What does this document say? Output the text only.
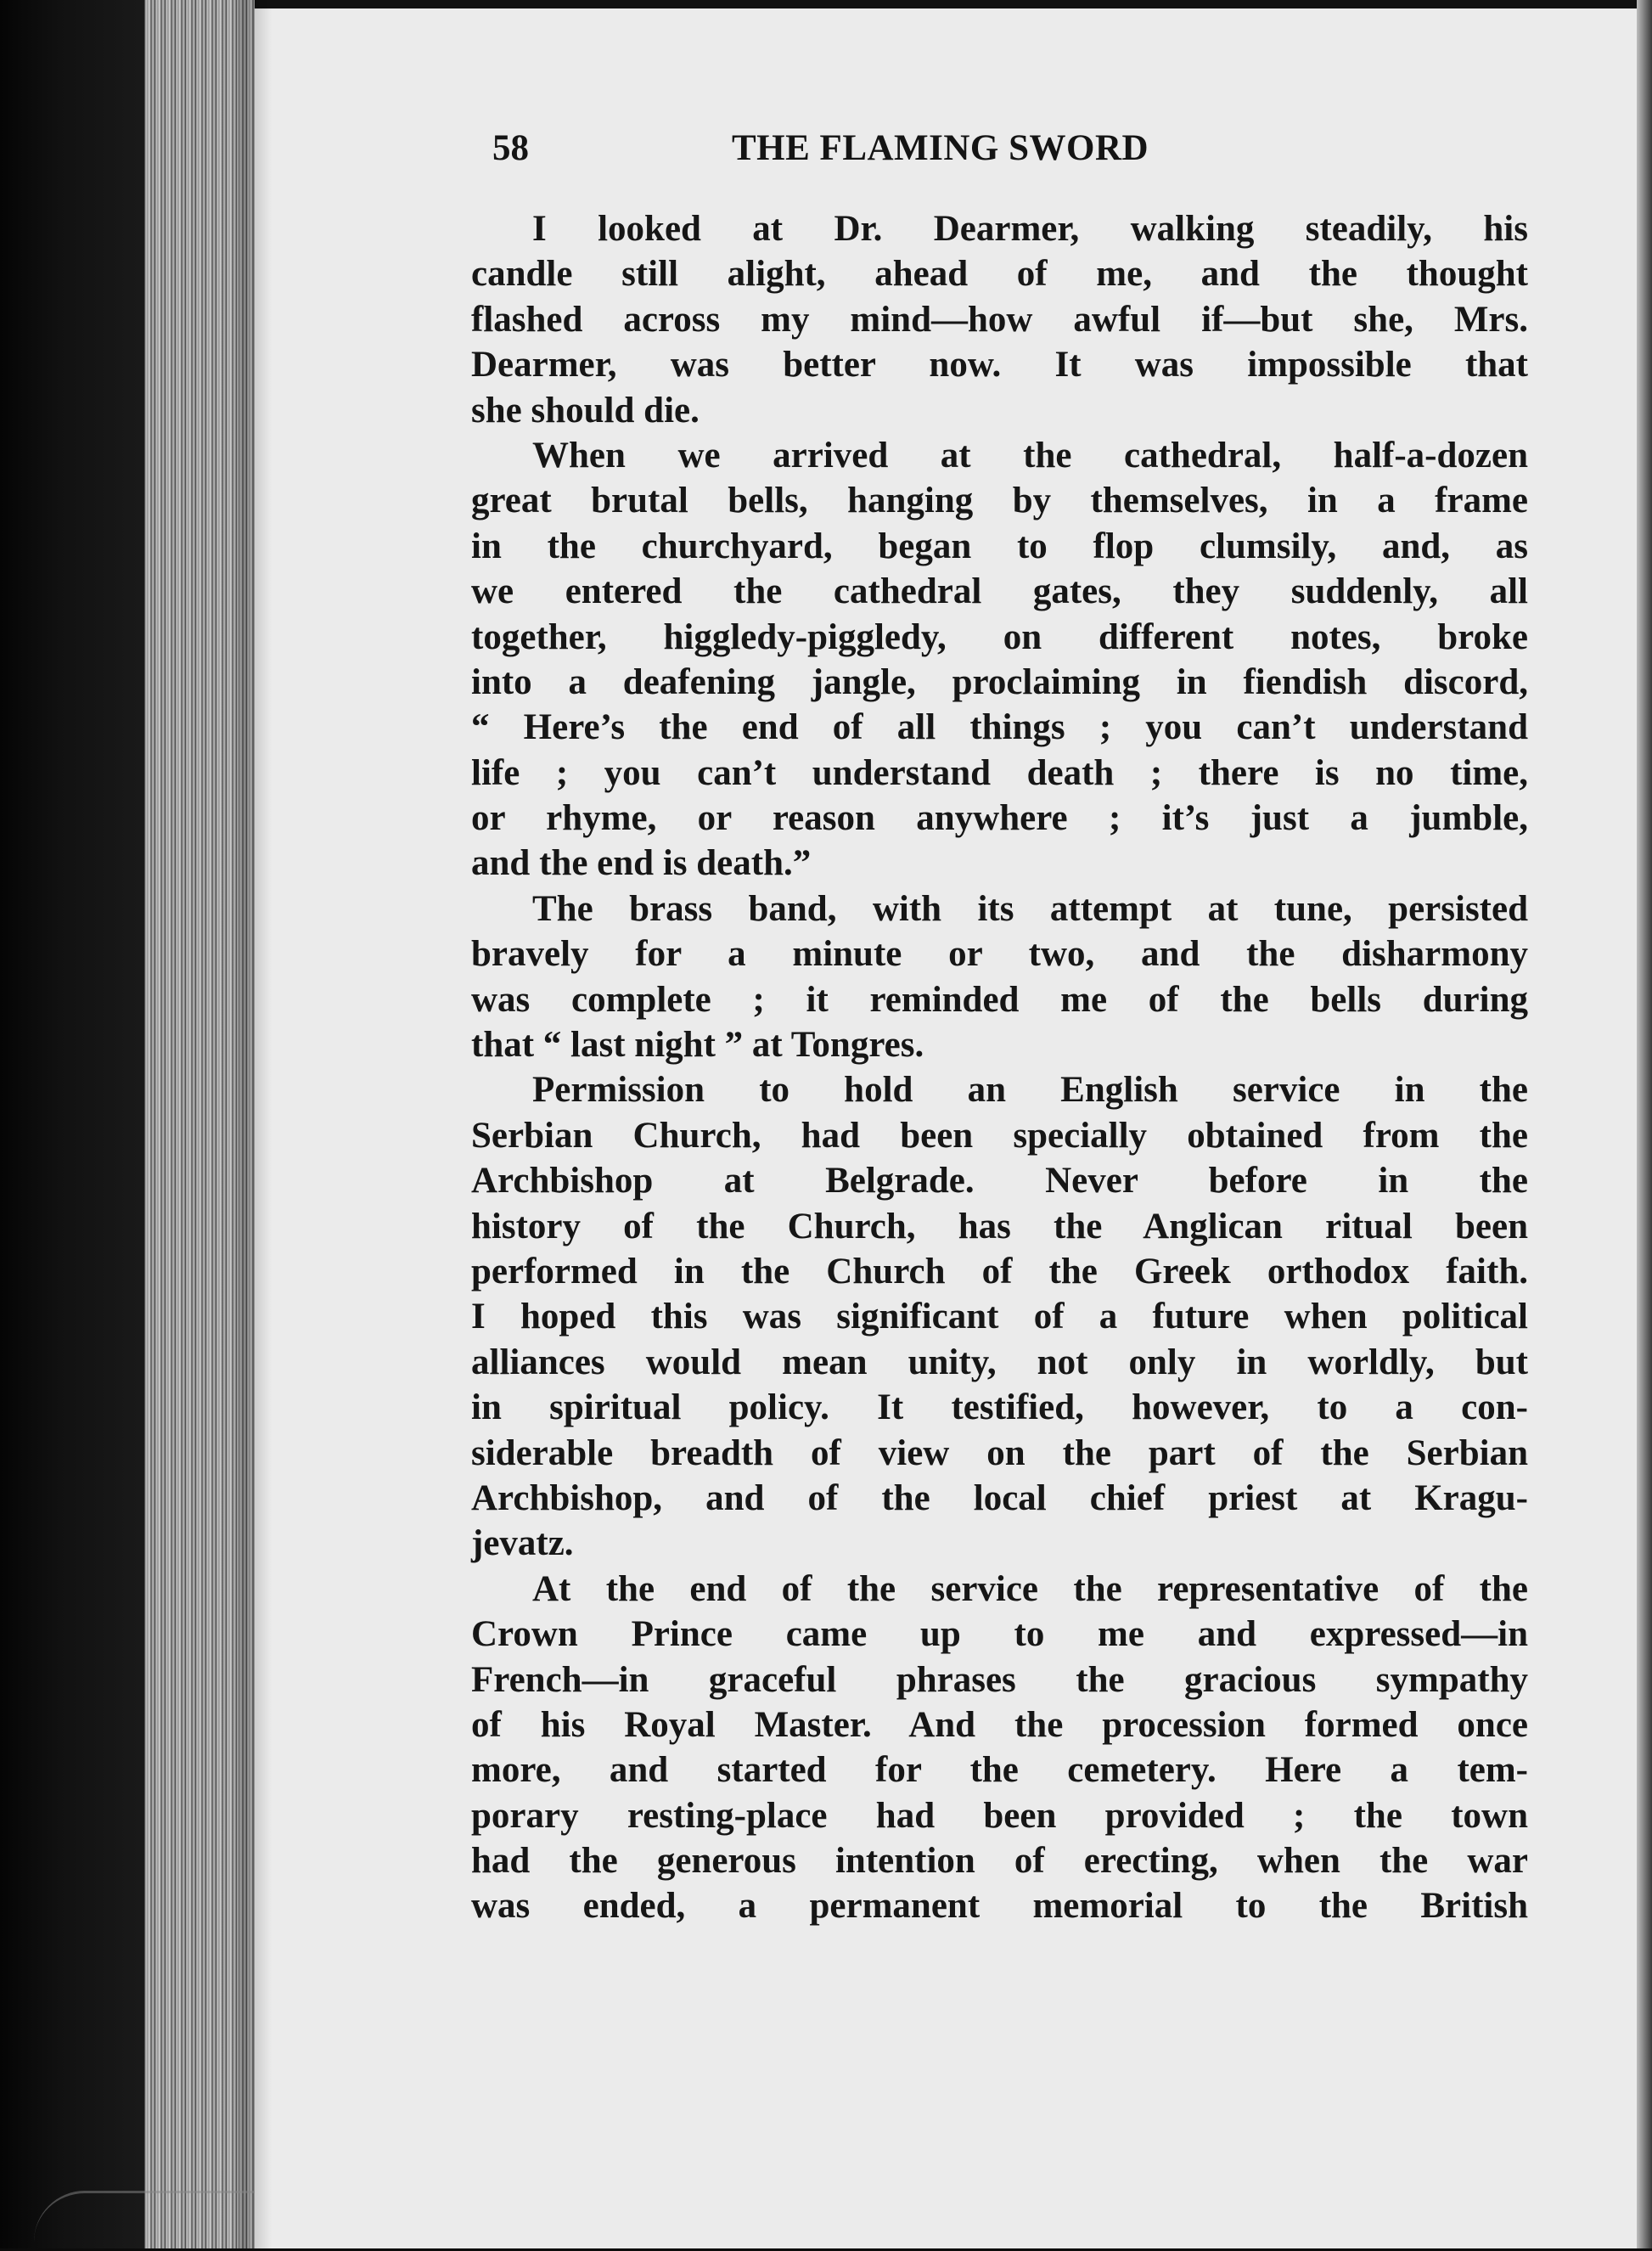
58	THE FLAMING SWORD
I looked at Dr. Dearmer, walking steadily, his
candle still alight, ahead of me, and the thought
flashed across my mind—how awful if—but she, Mrs.
Dearmer, was better now. It was impossible that
she should die.
When we arrived at the cathedral, half-a-dozen
great brutal bells, hanging by themselves, in a frame
in the churchyard, began to flop clumsily, and, as
we entered the cathedral gates, they suddenly, all
together, higgledy-piggledy, on different notes, broke
into a deafening jangle, proclaiming in fiendish discord,
“ Here’s the end of all things ; you can’t understand
life ; you can’t understand death ; there is no time,
or rhyme, or reason anywhere ; it’s just a jumble,
and the end is death.”
The brass band, with its attempt at tune, persisted
bravely for a minute or two, and the disharmony
was complete ; it reminded me of the bells during
that “ last night ” at Tongres.
Permission to hold an English service in the
Serbian Church, had been specially obtained from the
Archbishop at Belgrade. Never before in the
history of the Church, has the Anglican ritual been
performed in the Church of the Greek orthodox faith.
I hoped this was significant of a future when political
alliances would mean unity, not only in worldly, but
in spiritual policy. It testified, however, to a con-
siderable breadth of view on the part of the Serbian
Archbishop, and of the local chief priest at Kragu-
jevatz.
At the end of the service the representative of the
Crown Prince came up to me and expressed—in
French—in graceful phrases the gracious sympathy
of his Royal Master. And the procession formed once
more, and started for the cemetery. Here a tem-
porary resting-place had been provided ; the town
had the generous intention of erecting, when the war
was ended, a permanent memorial to the British
